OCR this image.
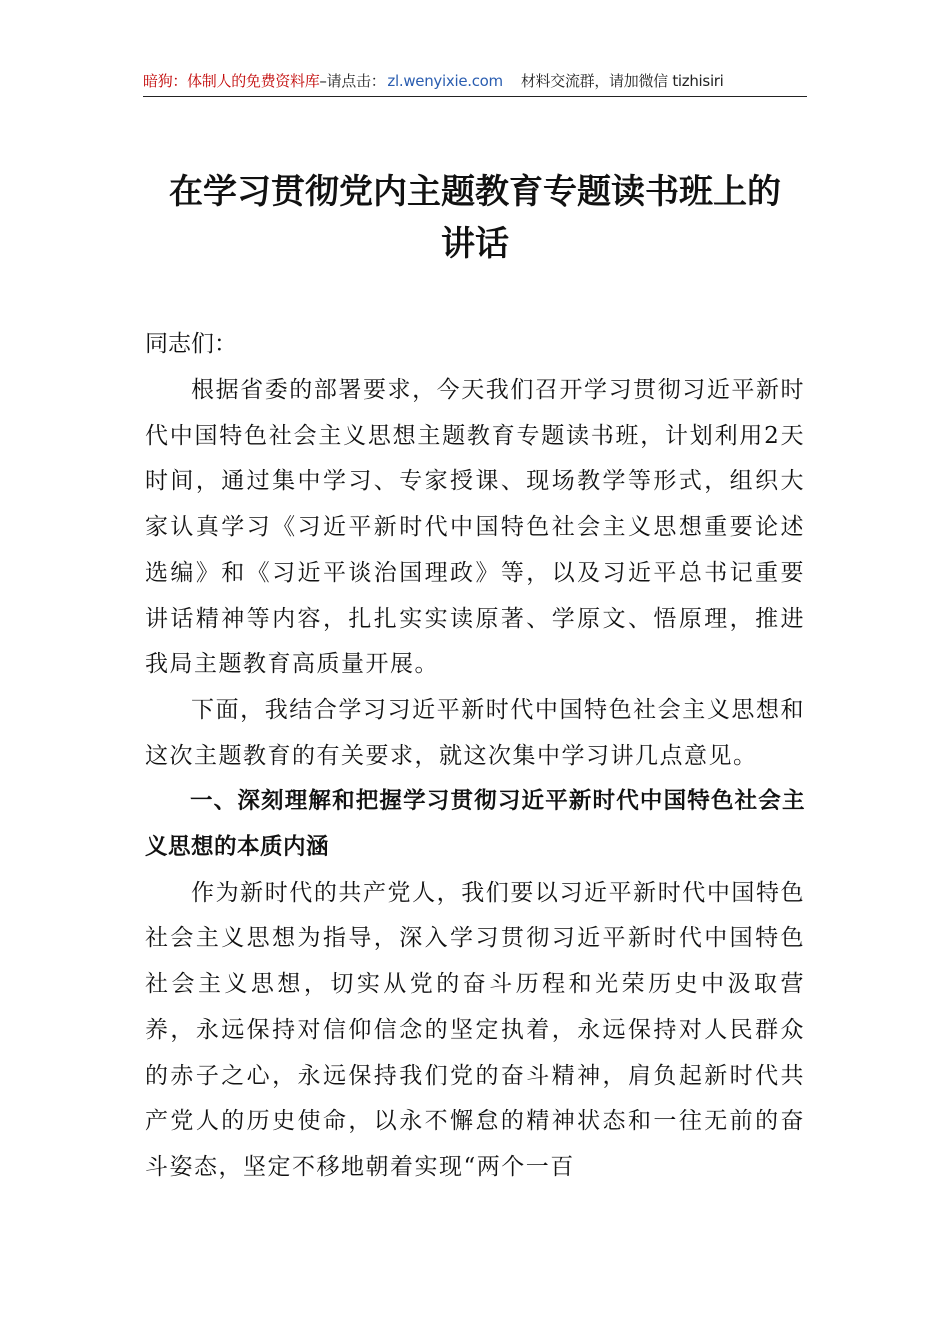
暗狗：体制人的免费资料库–请点击： zl.wenyixie.com 材料交流群，请加微信 tizhisiri
在学习贯彻党内主题教育专题读书班上的
讲话

同志们：

根据省委的部署要求，今天我们召开学习贯彻习近平新时代中国特色社会主义思想主题教育专题读书班，计划利用2天时间，通过集中学习、专家授课、现场教学等形式，组织大家认真学习《习近平新时代中国特色社会主义思想重要论述选编》和《习近平谈治国理政》等，以及习近平总书记重要讲话精神等内容，扎扎实实读原著、学原文、悟原理，推进我局主题教育高质量开展。

下面，我结合学习习近平新时代中国特色社会主义思想和这次主题教育的有关要求，就这次集中学习讲几点意见。

一、深刻理解和把握学习贯彻习近平新时代中国特色社会主义思想的本质内涵

作为新时代的共产党人，我们要以习近平新时代中国特色社会主义思想为指导，深入学习贯彻习近平新时代中国特色社会主义思想，切实从党的奋斗历程和光荣历史中汲取营养，永远保持对信仰信念的坚定执着，永远保持对人民群众的赤子之心，永远保持我们党的奋斗精神，肩负起新时代共产党人的历史使命，以永不懈怠的精神状态和一往无前的奋斗姿态，坚定不移地朝着实现“两个一百
